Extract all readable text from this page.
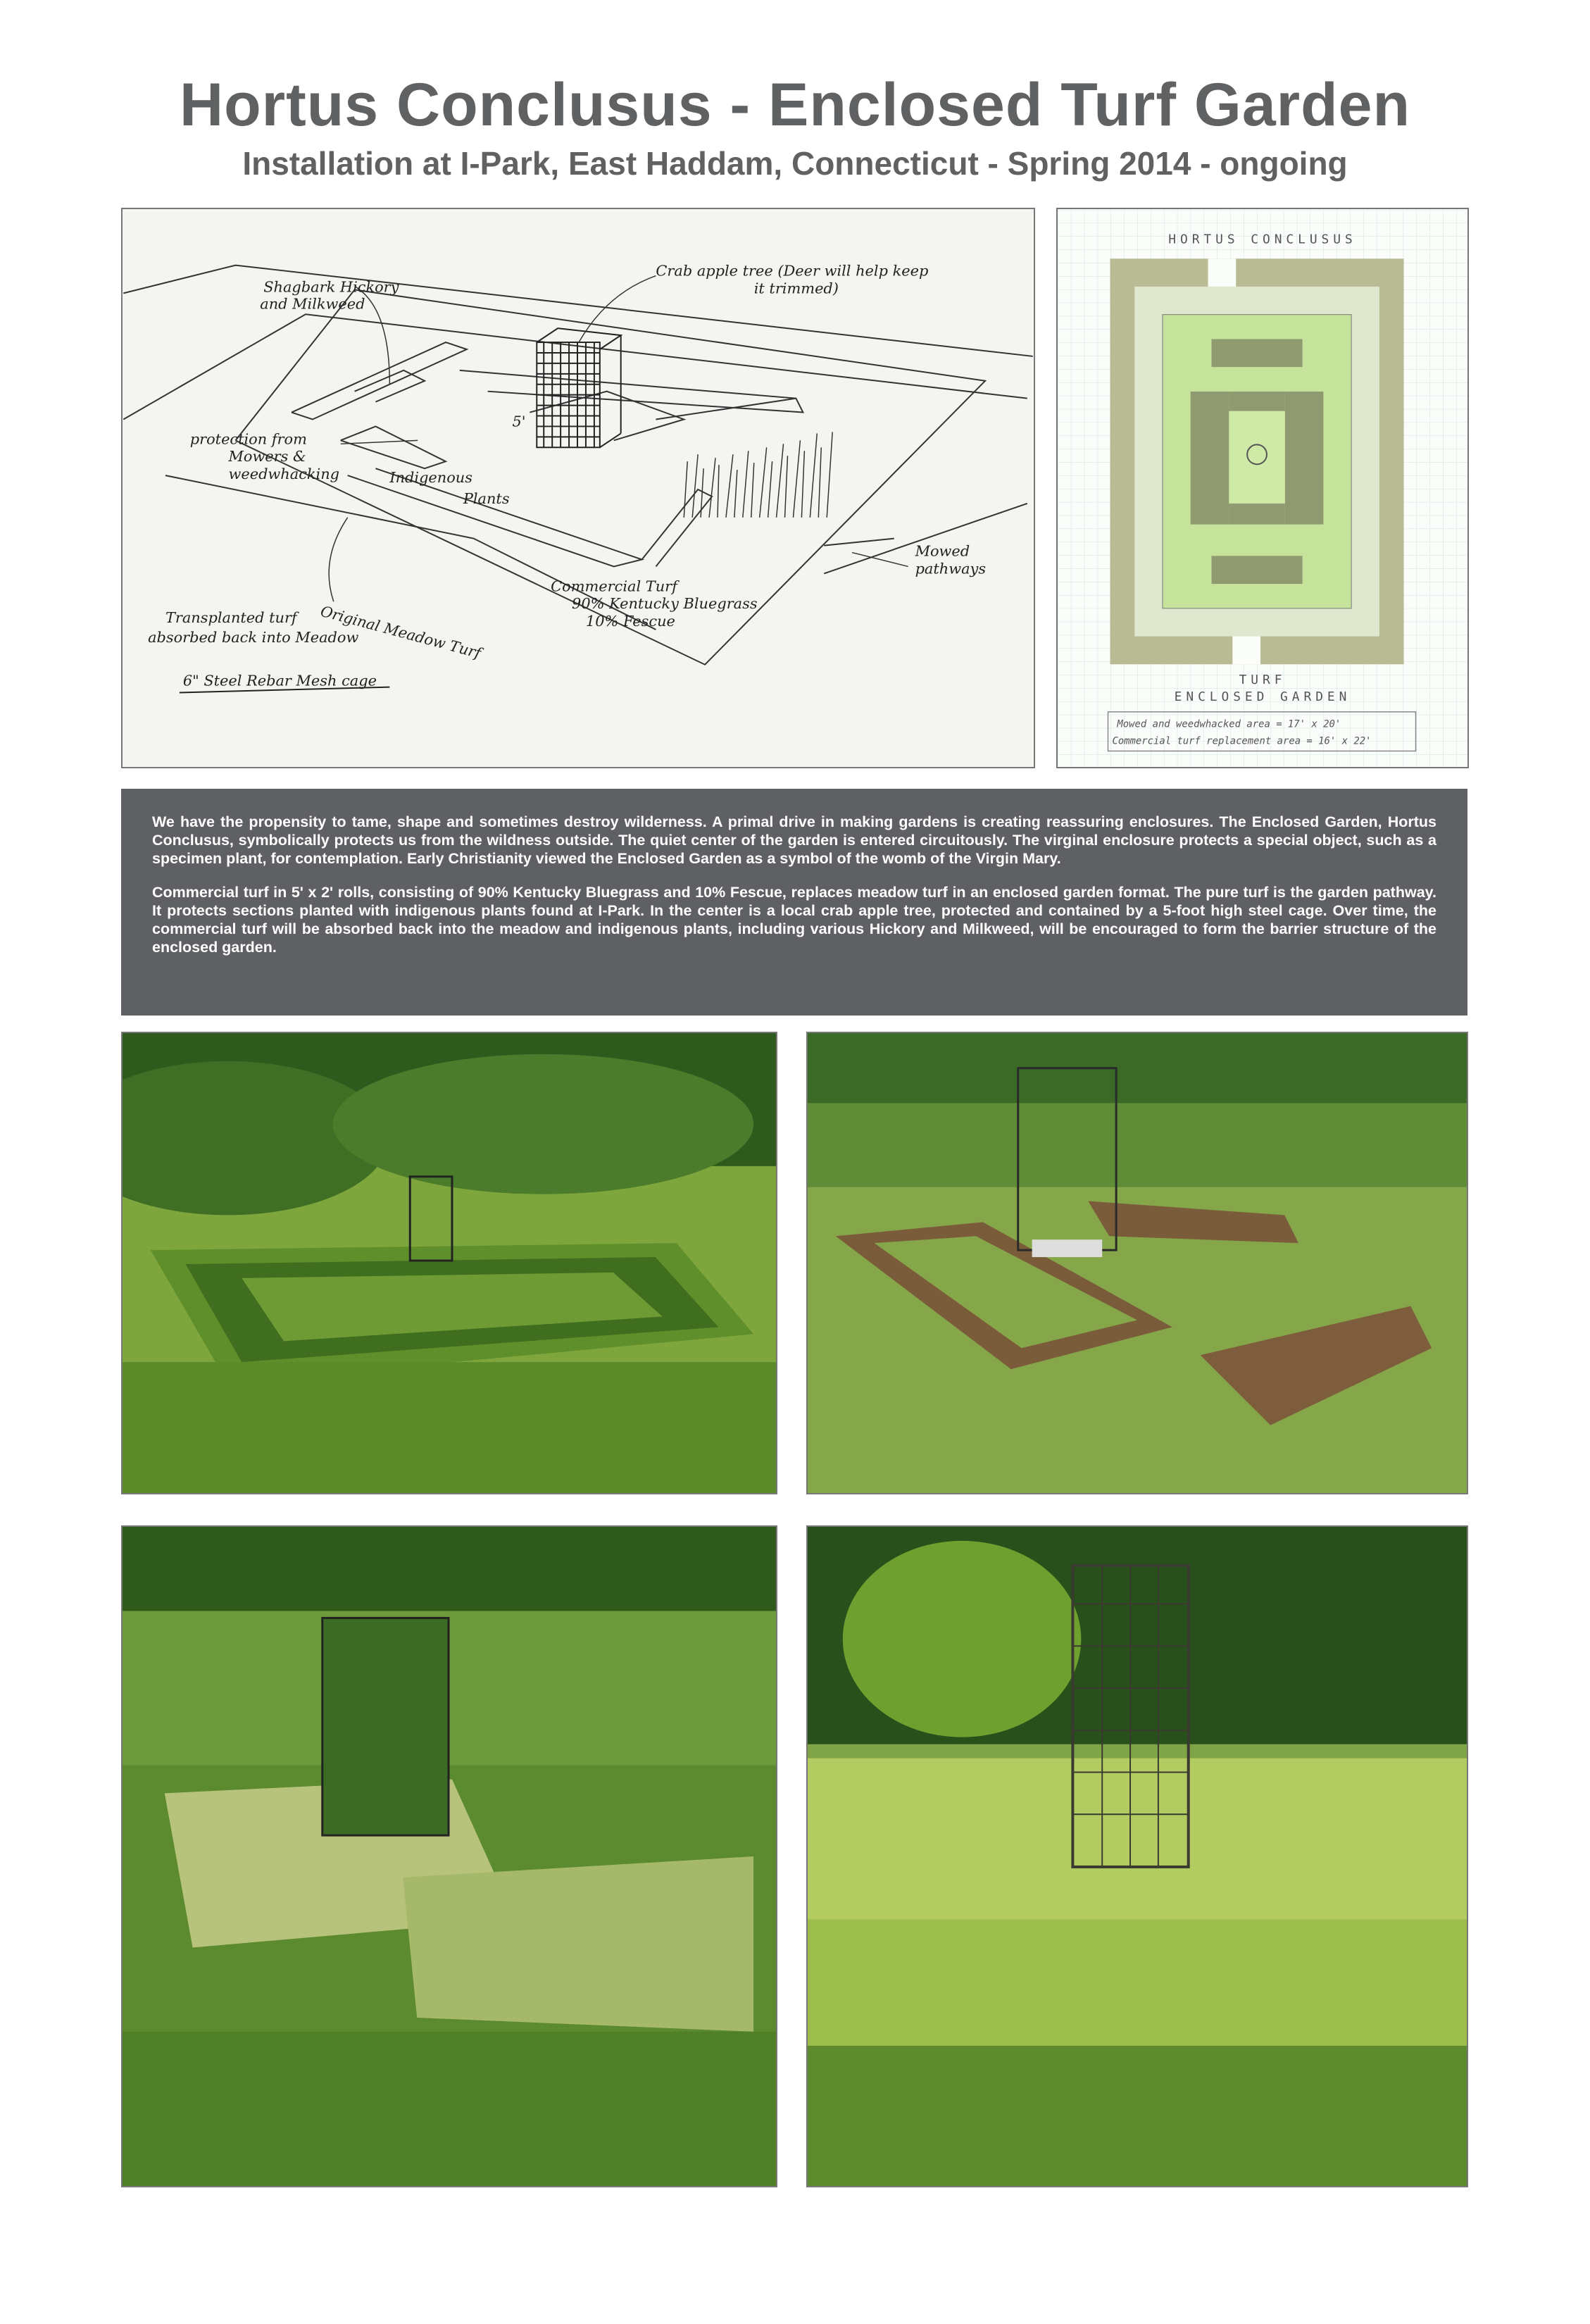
Hortus Conclusus - Enclosed Turf Garden
Installation at I-Park, East Haddam, Connecticut - Spring 2014 - ongoing
Shagbark Hickory
and Milkweed
Crab apple tree (Deer will help keep
it trimmed)
protection from
Mowers &
weedwhacking
5'
Indigenous
Plants
Commercial Turf
90% Kentucky Bluegrass
10% Fescue
Mowed
pathways
Original Meadow Turf
Transplanted turf
absorbed back into Meadow
6" Steel Rebar Mesh cage
HORTUS CONCLUSUS
TURF
ENCLOSED GARDEN
Mowed and weedwhacked area = 17' x 20'
Commercial turf replacement area = 16' x 22'

We have the propensity to tame, shape and sometimes destroy wilderness. A primal drive in making gardens is creating reassuring enclosures. The Enclosed Garden, Hortus Conclusus, symbolically protects us from the wildness outside. The quiet center of the garden is entered circuitously. The virginal enclosure protects a special object, such as a specimen plant, for contemplation. Early Christianity viewed the Enclosed Garden as a symbol of the womb of the Virgin Mary.

Commercial turf in 5' x 2' rolls, consisting of 90% Kentucky Bluegrass and 10% Fescue, replaces meadow turf in an enclosed garden format. The pure turf is the garden pathway. It protects sections planted with indigenous plants found at I-Park. In the center is a local crab apple tree, protected and contained by a 5-foot high steel cage. Over time, the commercial turf will be absorbed back into the meadow and indigenous plants, including various Hickory and Milkweed, will be encouraged to form the barrier structure of the enclosed garden.
